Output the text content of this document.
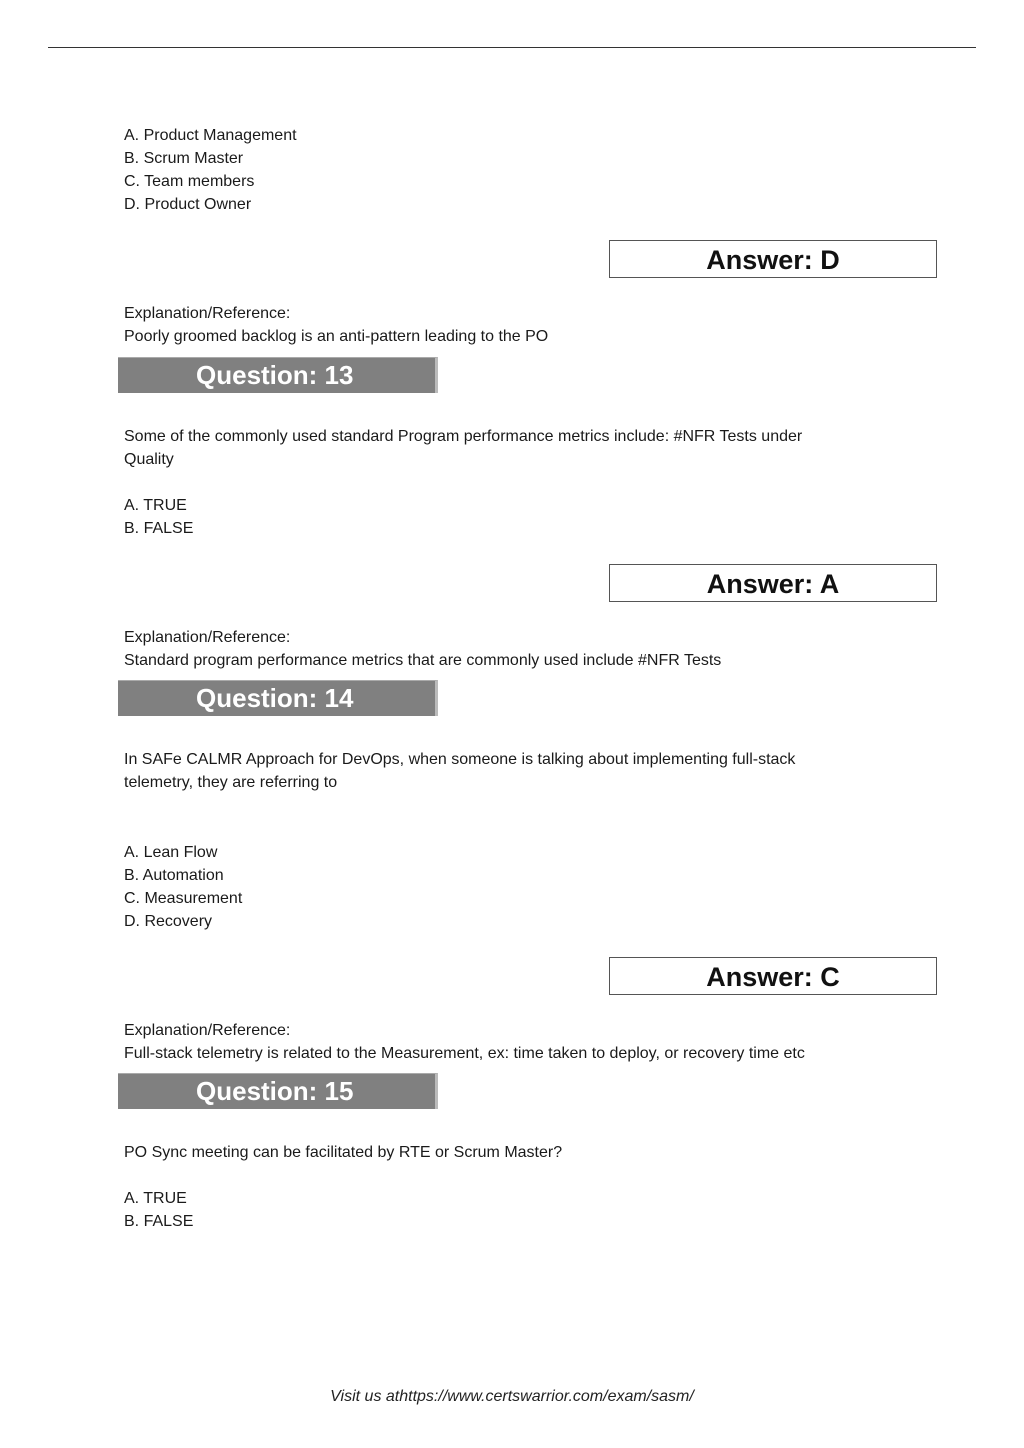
A. Product Management
B. Scrum Master
C. Team members
D. Product Owner
Answer: D
Explanation/Reference:
Poorly groomed backlog is an anti-pattern leading to the PO
Question: 13
Some of the commonly used standard Program performance metrics include: #NFR Tests under
Quality
A. TRUE
B. FALSE
Answer: A
Explanation/Reference:
Standard program performance metrics that are commonly used include #NFR Tests
Question: 14
In SAFe CALMR Approach for DevOps, when someone is talking about implementing full-stack
telemetry, they are referring to
A. Lean Flow
B. Automation
C. Measurement
D. Recovery
Answer: C
Explanation/Reference:
Full-stack telemetry is related to the Measurement, ex: time taken to deploy, or recovery time etc
Question: 15
PO Sync meeting can be facilitated by RTE or Scrum Master?
A. TRUE
B. FALSE
Visit us athttps://www.certswarrior.com/exam/sasm/
